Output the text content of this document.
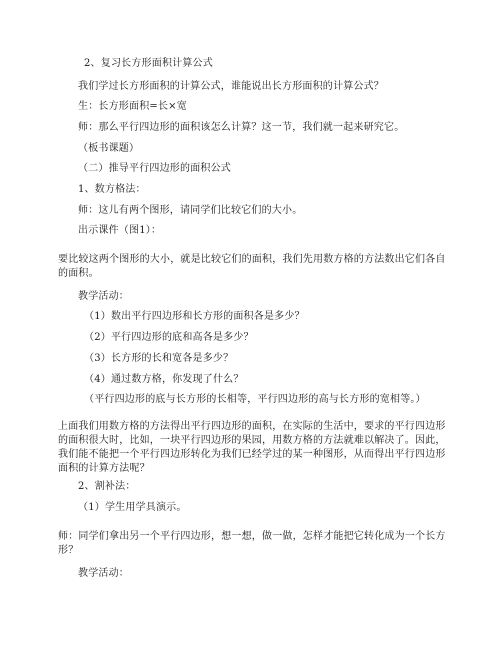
2、复习长方形面积计算公式
我们学过长方形面积的计算公式，谁能说出长方形面积的计算公式？
生：长方形面积=长×宽
师：那么平行四边形的面积该怎么计算？这一节，我们就一起来研究它。
（板书课题）
（二）推导平行四边形的面积公式
1、数方格法：
师：这儿有两个图形，请同学们比较它们的大小。
出示课件（图1）：
要比较这两个图形的大小，就是比较它们的面积，我们先用数方格的方法数出它们各自的面积。
教学活动：
（1）数出平行四边形和长方形的面积各是多少？
（2）平行四边形的底和高各是多少？
（3）长方形的长和宽各是多少？
（4）通过数方格，你发现了什么？
（平行四边形的底与长方形的长相等，平行四边形的高与长方形的宽相等。）
上面我们用数方格的方法得出平行四边形的面积，在实际的生活中，要求的平行四边形的面积很大时，比如，一块平行四边形的果园，用数方格的方法就难以解决了。因此，我们能不能把一个平行四边形转化为我们已经学过的某一种图形，从而得出平行四边形面积的计算方法呢？
2、割补法：
（1）学生用学具演示。
师：同学们拿出另一个平行四边形，想一想，做一做，怎样才能把它转化成为一个长方形？
教学活动：
